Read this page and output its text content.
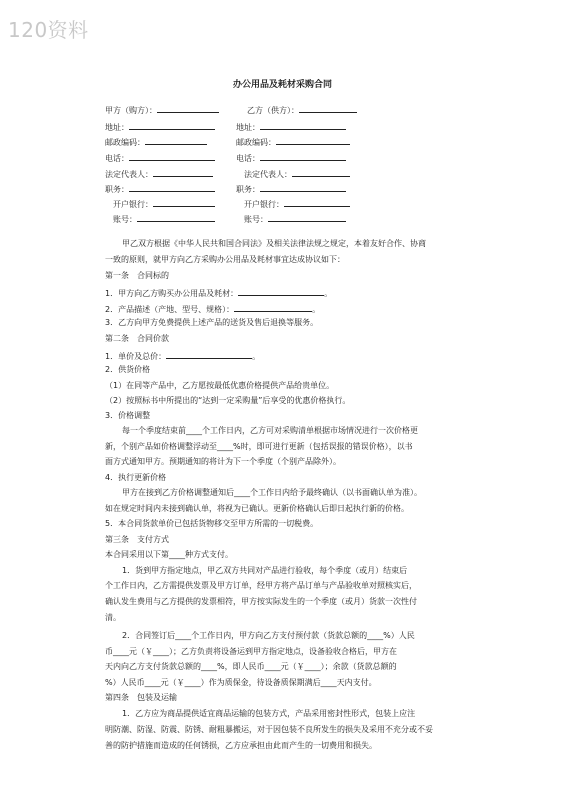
120资料
办公用品及耗材采购合同
甲方（购方）：	乙方（供方）：
地址：	地址：
邮政编码：	邮政编码：
电话：	电话：
法定代表人：	法定代表人：
职务：	职务：
开户银行：	开户银行：
账号：	账号：
甲乙双方根据《中华人民共和国合同法》及相关法律法规之规定，本着友好合作、协商
一致的原则，就甲方向乙方采购办公用品及耗材事宜达成协议如下：
第一条　合同标的
1．甲方向乙方购买办公用品及耗材：	。
2．产品描述（产地、型号、规格）：	。
3．乙方向甲方免费提供上述产品的送货及售后退换等服务。
第二条　合同价款
1．单价及总价：	。
2．供货价格
（1）在同等产品中，乙方愿按最低优惠价格提供产品给贵单位。
（2）按照标书中所提出的“达到一定采购量”后享受的优惠价格执行。
3．价格调整
每一个季度结束前____个工作日内，乙方可对采购清单根据市场情况进行一次价格更
新，个别产品如价格调整浮动至____%时，即可进行更新（包括误报的错误价格），以书
面方式通知甲方。预期通知的将计为下一个季度（个别产品除外）。
4．执行更新价格
甲方在接到乙方价格调整通知后____个工作日内给予最终确认（以书面确认单为准）。
如在规定时间内未接到确认单，将视为已确认。更新价格确认后即日起执行新的价格。
5．本合同货款单价已包括货物移交至甲方所需的一切税费。
第三条　支付方式
本合同采用以下第____种方式支付。
1．货到甲方指定地点，甲乙双方共同对产品进行验收，每个季度（或月）结束后
个工作日内，乙方需提供发票及甲方订单，经甲方将产品订单与产品验收单对照核实后，
确认发生费用与乙方提供的发票相符，甲方按实际发生的一个季度（或月）货款一次性付
清。
2．合同签订后____个工作日内，甲方向乙方支付预付款（货款总额的____%）人民
币____元（￥____）；乙方负责将设备运到甲方指定地点，设备验收合格后，甲方在
天内向乙方支付货款总额的____%，即人民币____元（￥____）；余款（货款总额的
%）人民币____元（￥____）作为质保金，待设备质保期满后____天内支付。
第四条　包装及运输
1．乙方应为商品提供适宜商品运输的包装方式，产品采用密封性形式，包装上应注
明防潮、防湿、防震、防锈、耐粗暴搬运，对于因包装不良所发生的损失及采用不充分或不妥
善的防护措施而造成的任何锈损，乙方应承担由此而产生的一切费用和损失。
